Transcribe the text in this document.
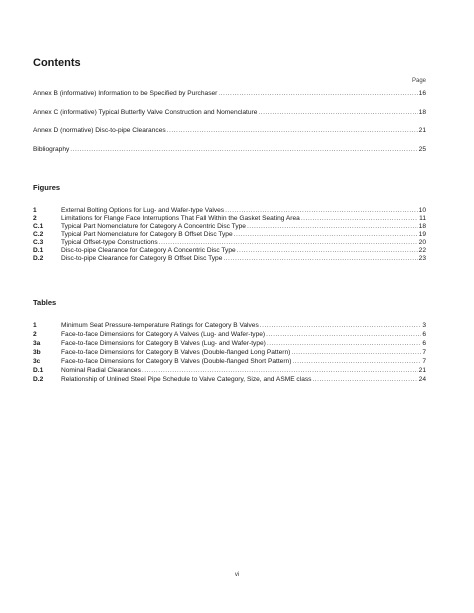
Contents
Page
Annex B (informative) Information to be Specified by Purchaser .....	16
Annex C (informative) Typical Butterfly Valve Construction and Nomenclature .....	18
Annex D (normative) Disc-to-pipe Clearances .....	21
Bibliography .....	25
Figures
1	External Bolting Options for Lug- and Wafer-type Valves .....	10
2	Limitations for Flange Face Interruptions That Fall Within the Gasket Seating Area .....	11
C.1	Typical Part Nomenclature for Category A Concentric Disc Type .....	18
C.2	Typical Part Nomenclature for Category B Offset Disc Type .....	19
C.3	Typical Offset-type Constructions .....	20
D.1	Disc-to-pipe Clearance for Category A Concentric Disc Type .....	22
D.2	Disc-to-pipe Clearance for Category B Offset Disc Type .....	23
Tables
1	Minimum Seat Pressure-temperature Ratings for Category B Valves .....	3
2	Face-to-face Dimensions for Category A Valves (Lug- and Wafer-type) .....	6
3a	Face-to-face Dimensions for Category B Valves (Lug- and Wafer-type) .....	6
3b	Face-to-face Dimensions for Category B Valves (Double-flanged Long Pattern) .....	7
3c	Face-to-face Dimensions for Category B Valves (Double-flanged Short Pattern) .....	7
D.1	Nominal Radial Clearances .....	21
D.2	Relationship of Unlined Steel Pipe Schedule to Valve Category, Size, and ASME class .....	24
vi
